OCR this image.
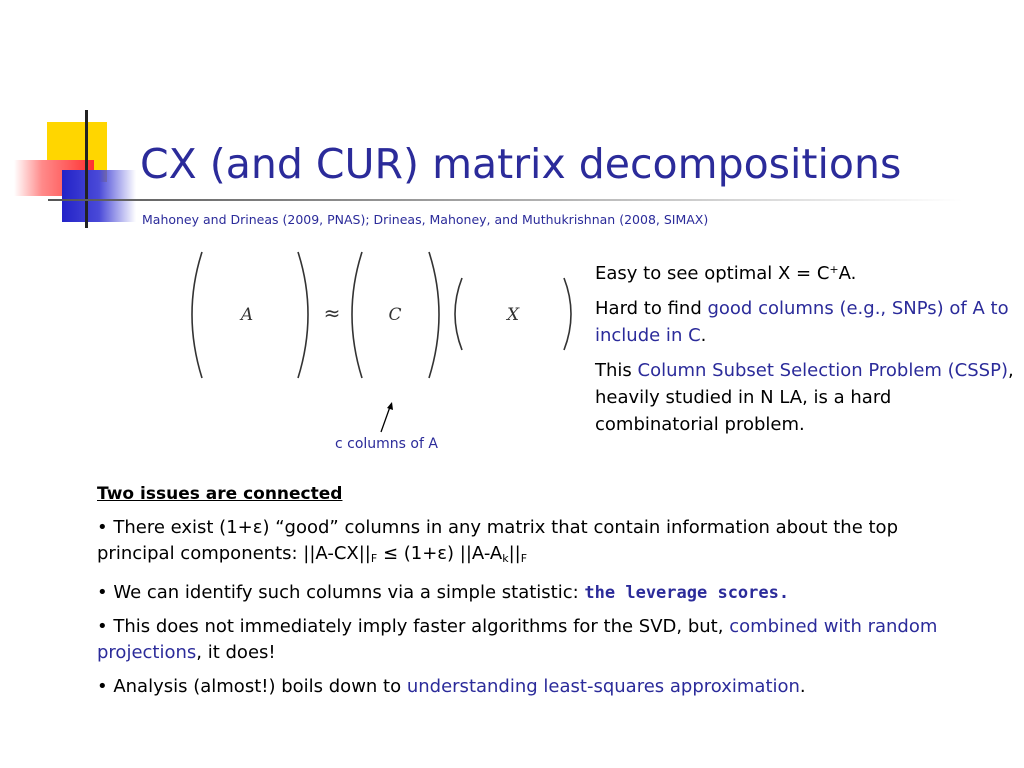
CX (and CUR) matrix decompositions
Mahoney and Drineas (2009, PNAS); Drineas, Mahoney, and Muthukrishnan (2008, SIMAX)
A	≈	C	X
c columns of A

Easy to see optimal X = C+A.

Hard to find good columns (e.g., SNPs) of A to include in C.

This Column Subset Selection Problem (CSSP), heavily studied in N LA, is a hard combinatorial problem.

Two issues are connected

• There exist (1+ε) “good” columns in any matrix that contain information about the top principal components: $||A-CX||_F \le (1+\varepsilon)$ $||A-A_k||_F$

• We can identify such columns via a simple statistic: the leverage scores.

• This does not immediately imply faster algorithms for the SVD, but, combined with random projections, it does!

• Analysis (almost!) boils down to understanding least-squares approximation.
